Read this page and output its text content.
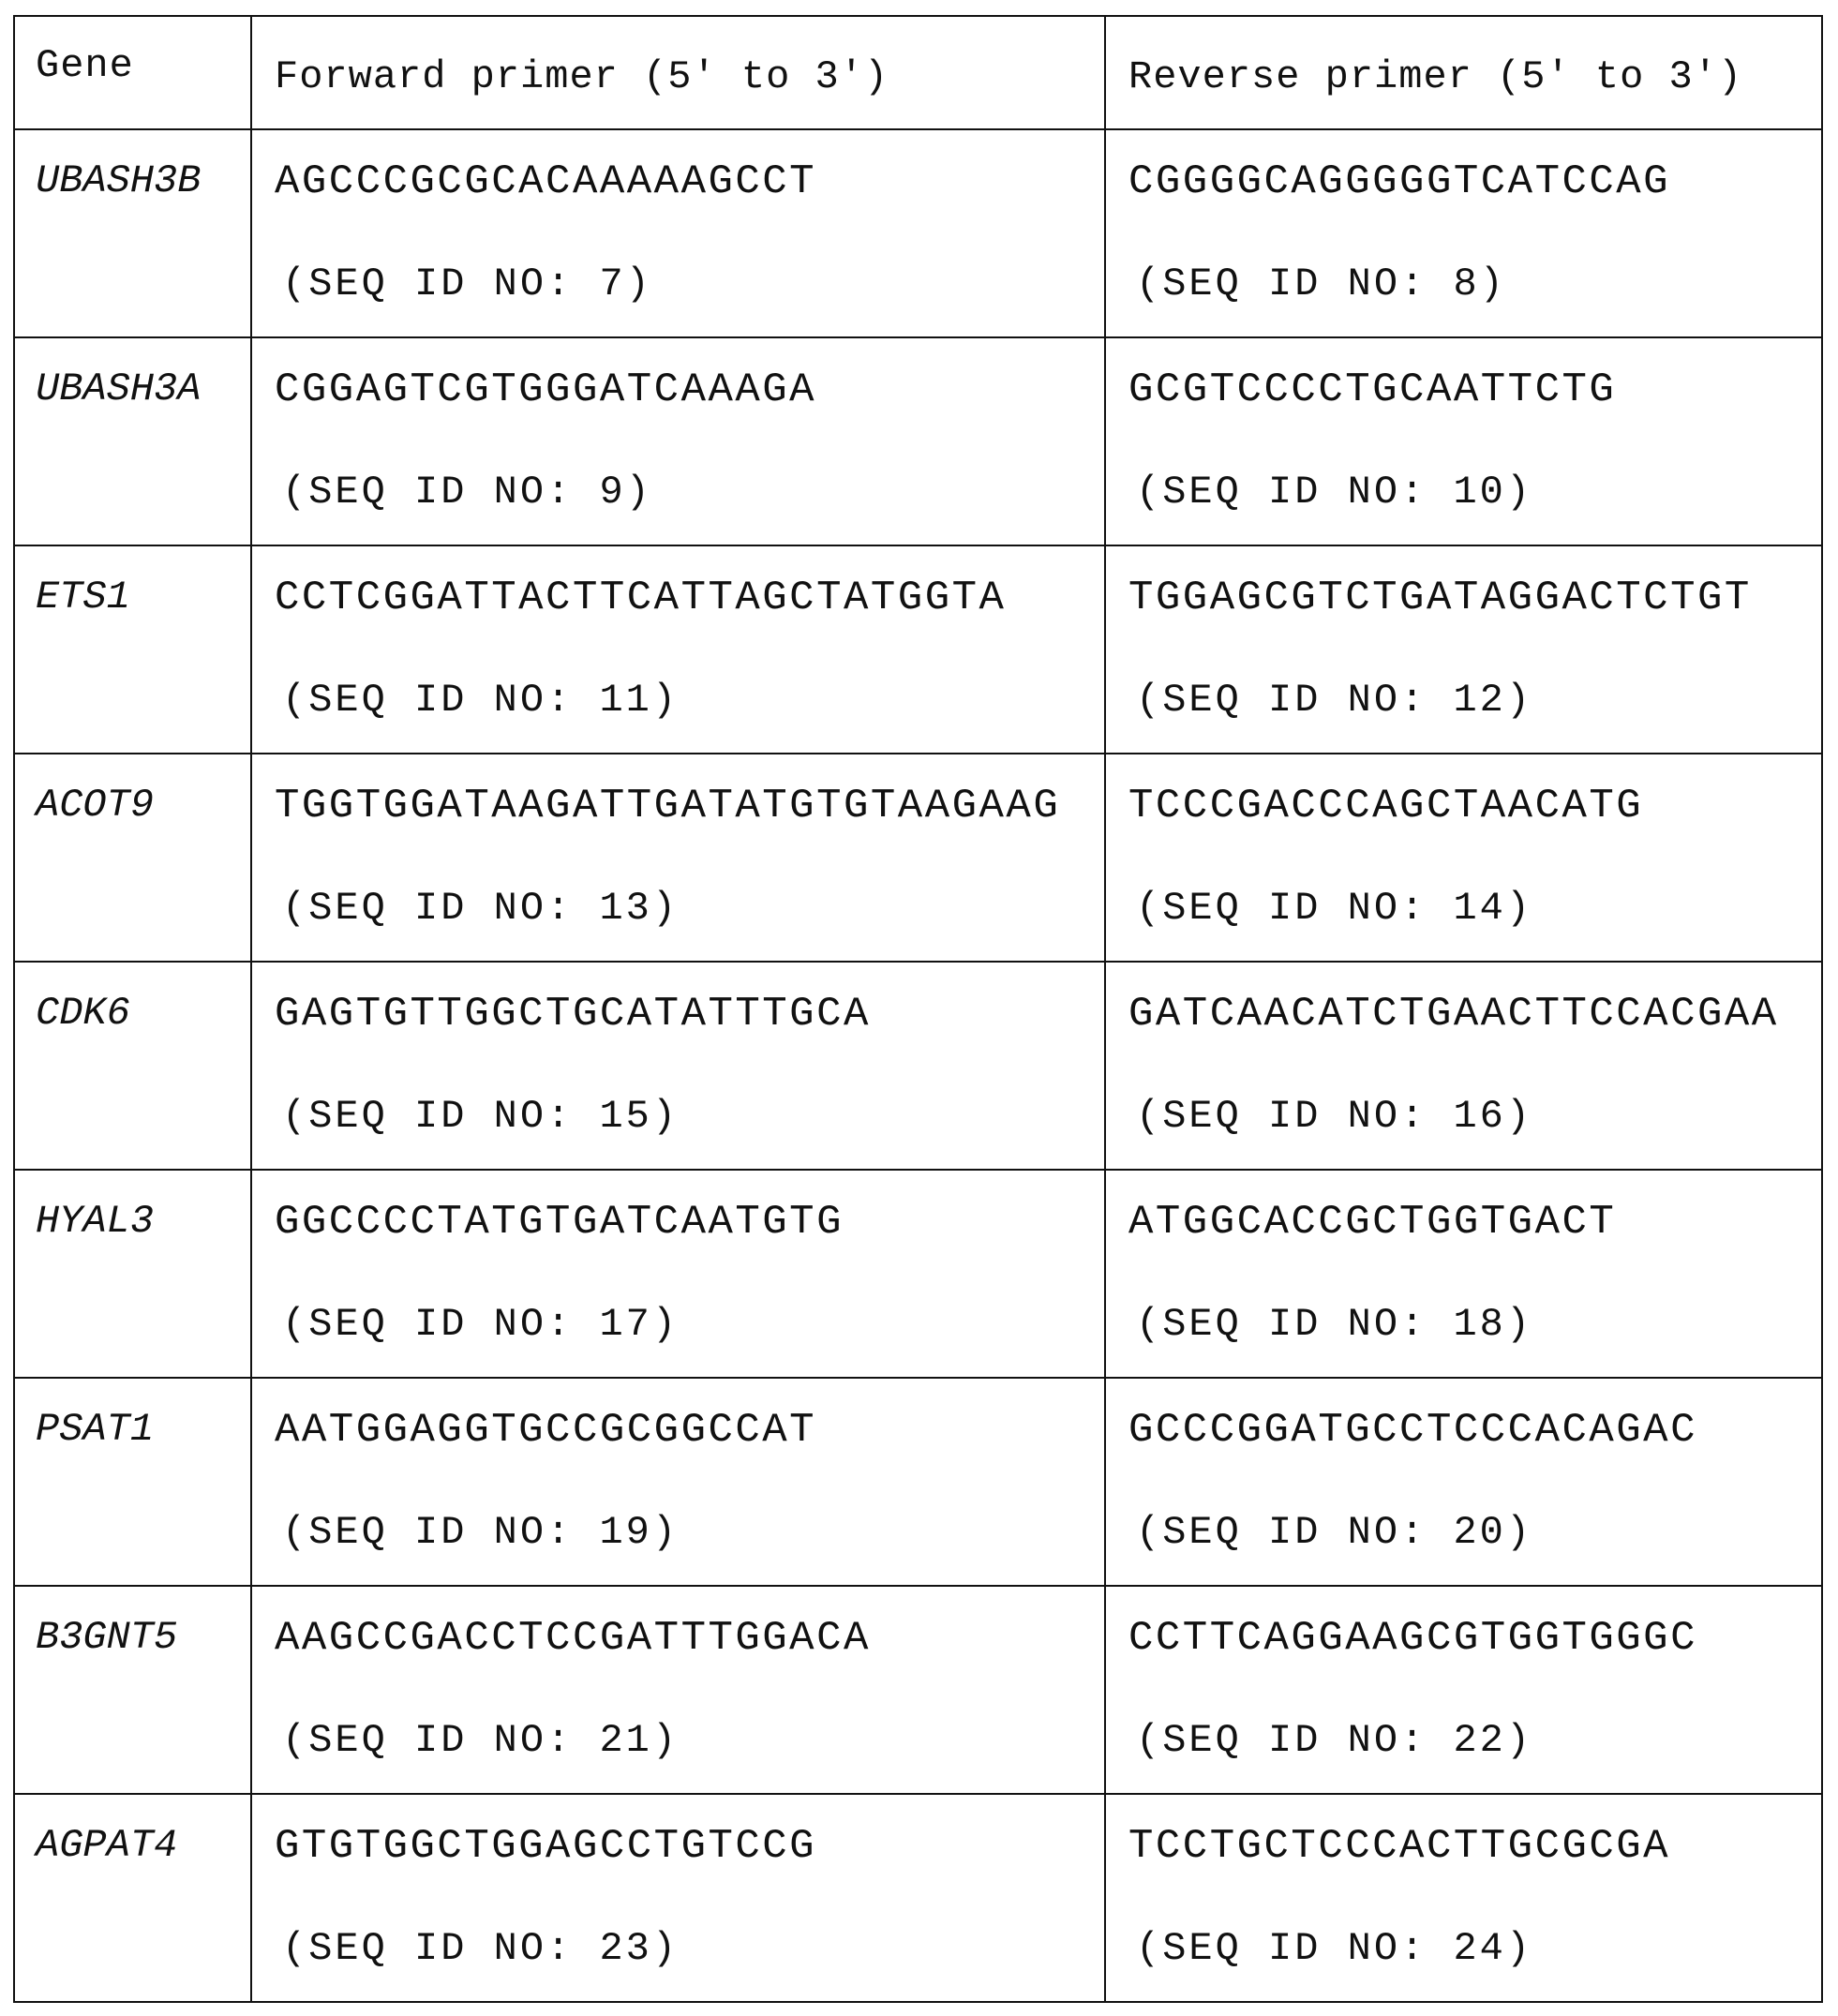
Gene	Forward primer (5′ to 3′)	Reverse primer (5′ to 3′)

UBASH3B	AGCCCGCGCACAAAAAGCCT
(SEQ ID NO: 7)

CGGGGCAGGGGGTCATCCAG
(SEQ ID NO: 8)

UBASH3A	CGGAGTCGTGGGATCAAAGA
(SEQ ID NO: 9)

GCGTCCCCTGCAATTCTG
(SEQ ID NO: 10)

ETS1	CCTCGGATTACTTCATTAGCTATGGTA
(SEQ ID NO: 11)

TGGAGCGTCTGATAGGACTCTGT
(SEQ ID NO: 12)

ACOT9	TGGTGGATAAGATTGATATGTGTAAGAAG
(SEQ ID NO: 13)

TCCCGACCCAGCTAACATG
(SEQ ID NO: 14)

CDK6	GAGTGTTGGCTGCATATTTGCA
(SEQ ID NO: 15)

GATCAACATCTGAACTTCCACGAA
(SEQ ID NO: 16)

HYAL3	GGCCCCTATGTGATCAATGTG
(SEQ ID NO: 17)

ATGGCACCGCTGGTGACT
(SEQ ID NO: 18)

PSAT1	AATGGAGGTGCCGCGGCCAT
(SEQ ID NO: 19)

GCCCGGATGCCTCCCACAGAC
(SEQ ID NO: 20)

B3GNT5	AAGCCGACCTCCGATTTGGACA
(SEQ ID NO: 21)

CCTTCAGGAAGCGTGGTGGGC
(SEQ ID NO: 22)

AGPAT4	GTGTGGCTGGAGCCTGTCCG
(SEQ ID NO: 23)

TCCTGCTCCCACTTGCGCGA
(SEQ ID NO: 24)
